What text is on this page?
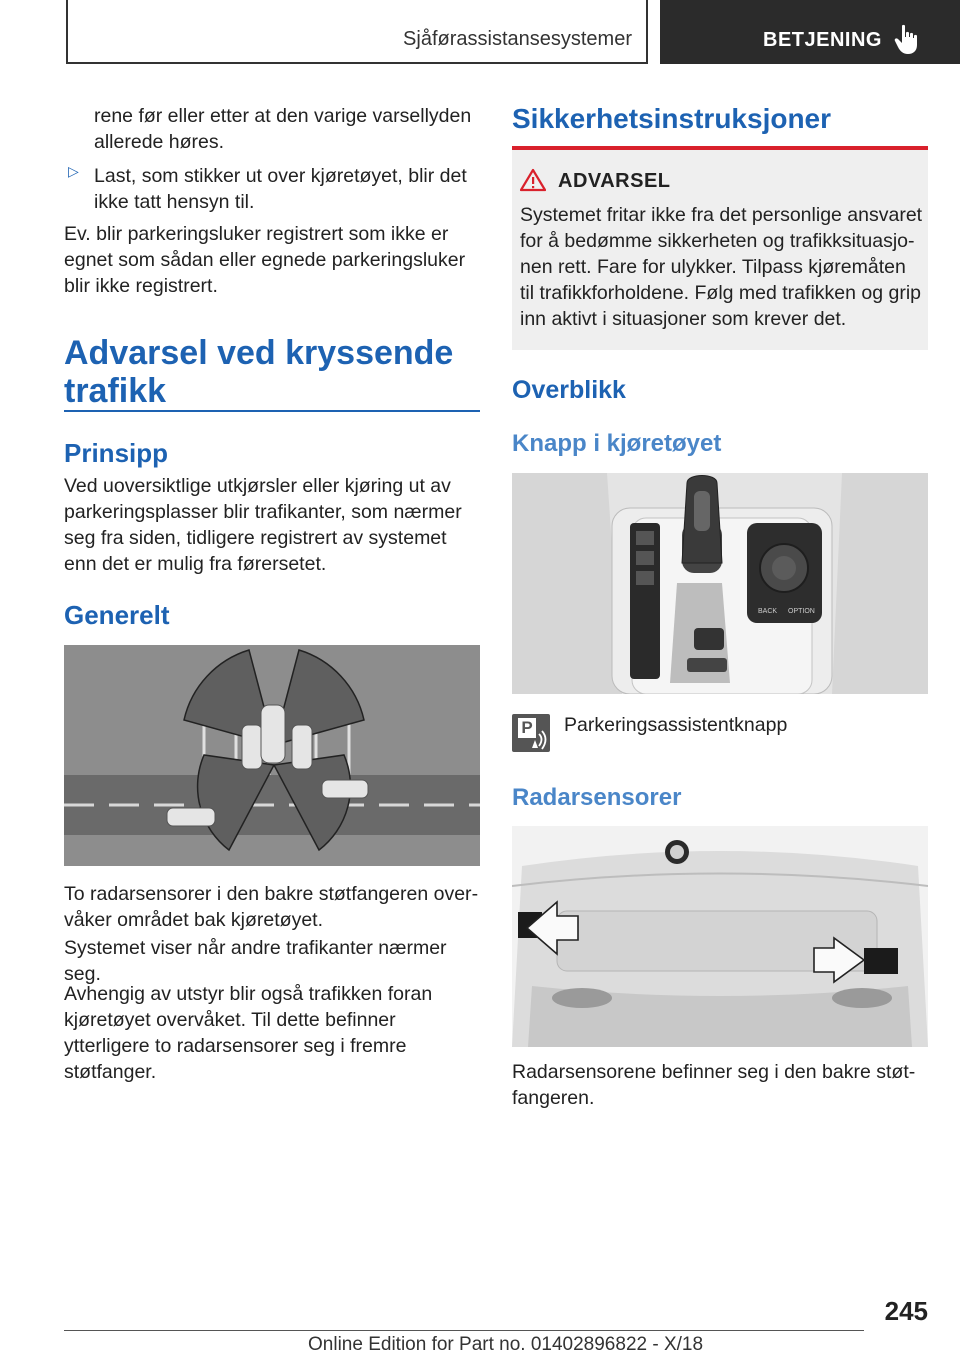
Sjåførassistansesystemer	BETJENING

rene før eller etter at den varige varsellyden allerede høres.

▷ Last, som stikker ut over kjøretøyet, blir det ikke tatt hensyn til.

Ev. blir parkeringsluker registrert som ikke er egnet som sådan eller egnede parkeringsluker blir ikke registrert.

Advarsel ved kryssende trafikk
Prinsipp

Ved uoversiktlige utkjørsler eller kjøring ut av parkeringsplasser blir trafikanter, som nærmer seg fra siden, tidligere registrert av systemet enn det er mulig fra førersetet.

Generelt

To radarsensorer i den bakre støtfangeren overvåker området bak kjøretøyet.

Systemet viser når andre trafikanter nærmer seg.

Avhengig av utstyr blir også trafikken foran kjøretøyet overvåket. Til dette befinner ytterligere to radarsensorer seg i fremre støtfanger.

Sikkerhetsinstruksjoner
ADVARSEL

Systemet fritar ikke fra det personlige ansvaret for å bedømme sikkerheten og trafikksituasjonen rett. Fare for ulykker. Tilpass kjøremåten til trafikkforholdene. Følg med trafikken og grip inn aktivt i situasjoner som krever det.

Overblikk
Knapp i kjøretøyet
BACK OPTION
P Parkeringsassistentknapp

Radarsensorer

Radarsensorene befinner seg i den bakre støtfangeren.

245
Online Edition for Part no. 01402896822 - X/18
